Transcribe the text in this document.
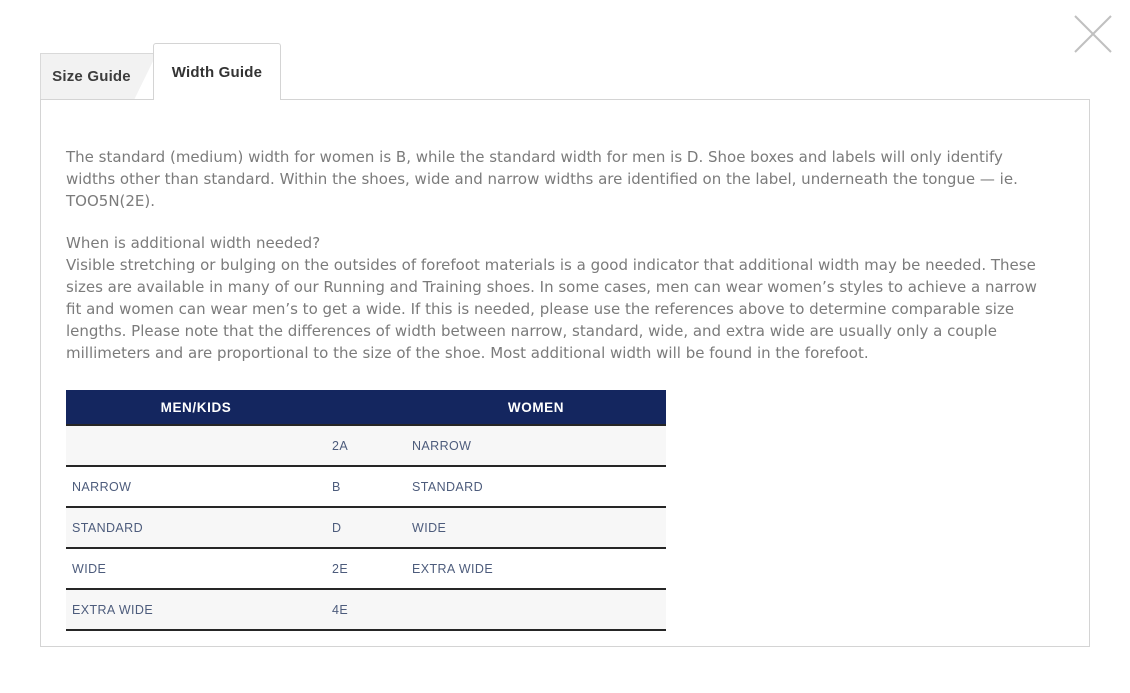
Size Guide	Width Guide

The standard (medium) width for women is B, while the standard width for men is D. Shoe boxes and labels will only identify widths other than standard. Within the shoes, wide and narrow widths are identified on the label, underneath the tongue — ie. TOO5N(2E).

When is additional width needed?
Visible stretching or bulging on the outsides of forefoot materials is a good indicator that additional width may be needed. These sizes are available in many of our Running and Training shoes. In some cases, men can wear women’s styles to achieve a narrow fit and women can wear men’s to get a wide. If this is needed, please use the references above to determine comparable size lengths. Please note that the differences of width between narrow, standard, wide, and extra wide are usually only a couple millimeters and are proportional to the size of the shoe. Most additional width will be found in the forefoot.
MEN/KIDS		WOMEN
	2A	NARROW
NARROW	B	STANDARD
STANDARD	D	WIDE
WIDE	2E	EXTRA WIDE
EXTRA WIDE	4E	
